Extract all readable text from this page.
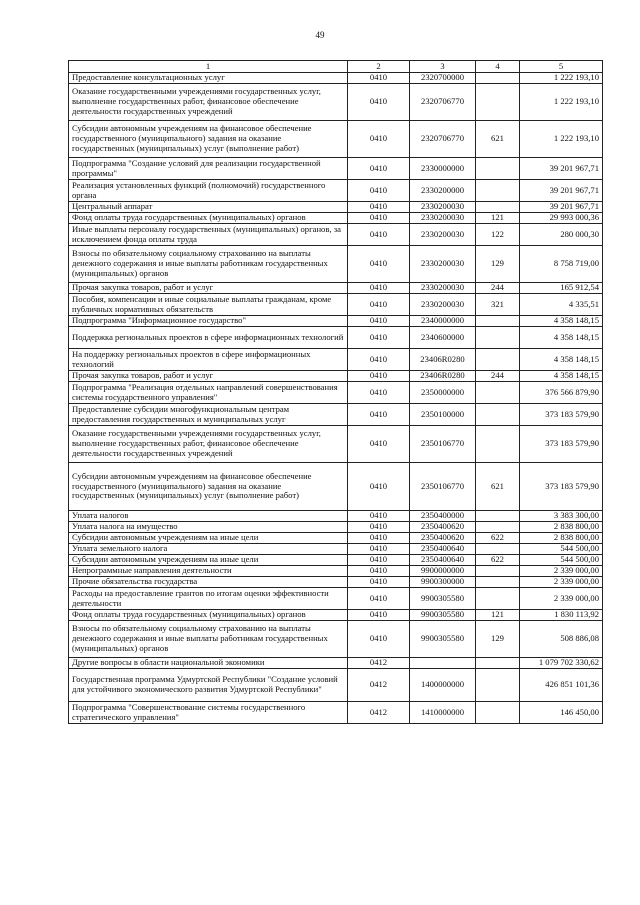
49
1	2	3	4	5
Предоставление консультационных услуг	0410	2320700000		1 222 193,10
Оказание государственными учреждениями государственных услуг, выполнение государственных работ, финансовое обеспечение деятельности государственных учреждений	0410	2320706770		1 222 193,10
Субсидии автономным учреждениям на финансовое обеспечение государственного (муниципального) задания на оказание государственных (муниципальных) услуг (выполнение работ)	0410	2320706770	621	1 222 193,10
Подпрограмма "Создание условий для реализации государственной программы"	0410	2330000000		39 201 967,71
Реализация установленных функций (полномочий) государственного органа	0410	2330200000		39 201 967,71
Центральный аппарат	0410	2330200030		39 201 967,71
Фонд оплаты труда государственных (муниципальных) органов	0410	2330200030	121	29 993 000,36
Иные выплаты персоналу государственных (муниципальных) органов, за исключением фонда оплаты труда	0410	2330200030	122	280 000,30
Взносы по обязательному социальному страхованию на выплаты денежного содержания и иные выплаты работникам государственных (муниципальных) органов	0410	2330200030	129	8 758 719,00
Прочая закупка товаров, работ и услуг	0410	2330200030	244	165 912,54
Пособия, компенсации и иные социальные выплаты гражданам, кроме публичных нормативных обязательств	0410	2330200030	321	4 335,51
Подпрограмма "Информационное государство"	0410	2340000000		4 358 148,15
Поддержка региональных проектов в сфере информационных технологий	0410	2340600000		4 358 148,15
На поддержку региональных проектов в сфере информационных технологий	0410	23406R0280		4 358 148,15
Прочая закупка товаров, работ и услуг	0410	23406R0280	244	4 358 148,15
Подпрограмма "Реализация отдельных направлений совершенствования системы государственного управления"	0410	2350000000		376 566 879,90
Предоставление субсидии многофункциональным центрам предоставления государственных и муниципальных услуг	0410	2350100000		373 183 579,90
Оказание государственными учреждениями государственных услуг, выполнение государственных работ, финансовое обеспечение деятельности государственных учреждений	0410	2350106770		373 183 579,90
Субсидии автономным учреждениям на финансовое обеспечение государственного (муниципального) задания на оказание государственных (муниципальных) услуг (выполнение работ)	0410	2350106770	621	373 183 579,90
Уплата налогов	0410	2350400000		3 383 300,00
Уплата налога на имущество	0410	2350400620		2 838 800,00
Субсидии автономным учреждениям на иные цели	0410	2350400620	622	2 838 800,00
Уплата земельного налога	0410	2350400640		544 500,00
Субсидии автономным учреждениям на иные цели	0410	2350400640	622	544 500,00
Непрограммные направления деятельности	0410	9900000000		2 339 000,00
Прочие обязательства государства	0410	9900300000		2 339 000,00
Расходы на предоставление грантов по итогам оценки эффективности деятельности	0410	9900305580		2 339 000,00
Фонд оплаты труда государственных (муниципальных) органов	0410	9900305580	121	1 830 113,92
Взносы по обязательному социальному страхованию на выплаты денежного содержания и иные выплаты работникам государственных (муниципальных) органов	0410	9900305580	129	508 886,08
Другие вопросы в области национальной экономики	0412			1 079 702 330,62
Государственная программа Удмуртской Республики "Создание условий для устойчивого экономического развития Удмуртской Республики"	0412	1400000000		426 851 101,36
Подпрограмма "Совершенствование системы государственного стратегического управления"	0412	1410000000		146 450,00
